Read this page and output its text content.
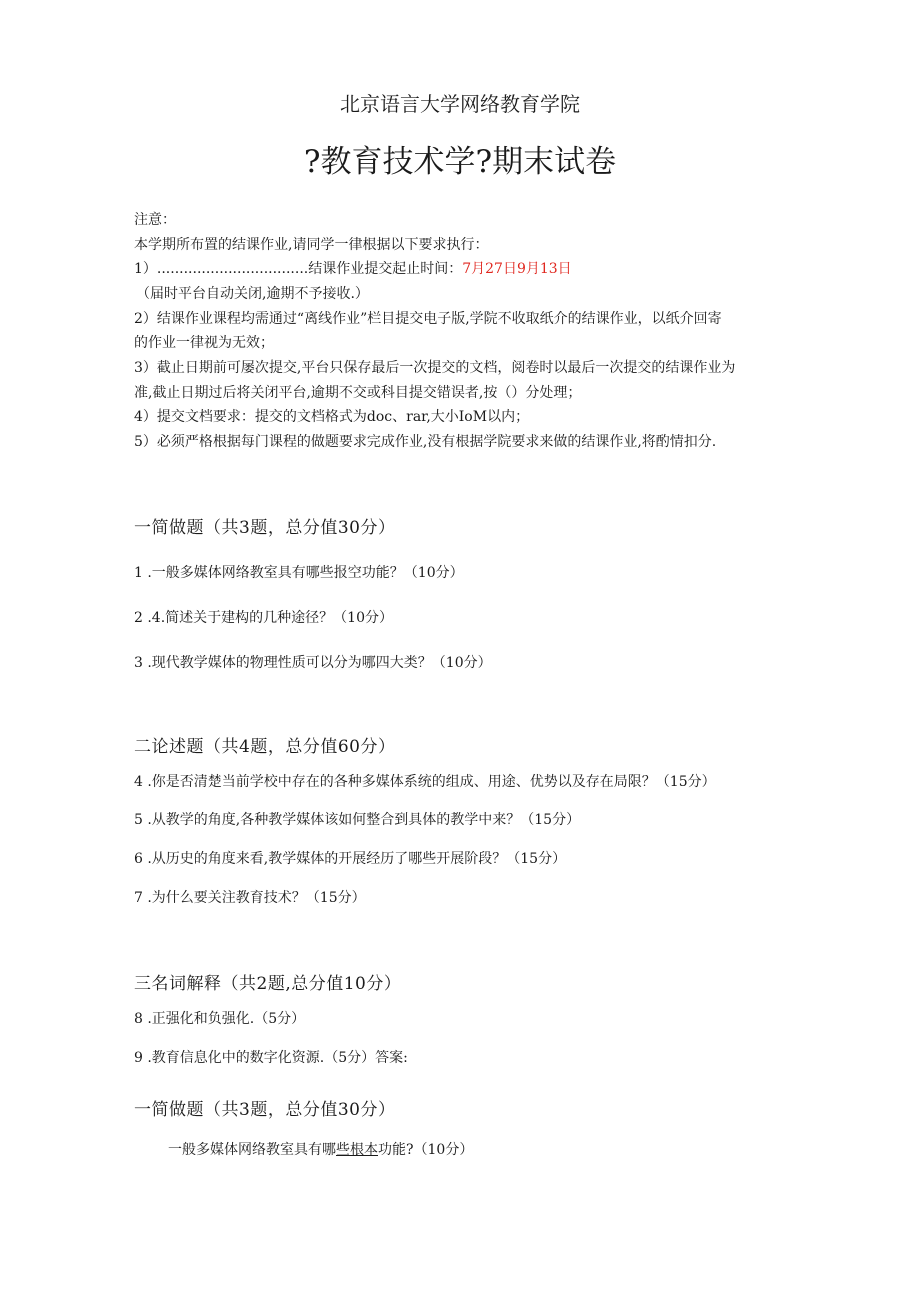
北京语言大学网络教育学院
?教育技术学?期末试卷
注意：
本学期所布置的结课作业,请同学一律根据以下要求执行：
1）..................................结课作业提交起止时间：7月27日9月13日
（届时平台自动关闭,逾期不予接收.）
2）结课作业课程均需通过“离线作业”栏目提交电子版,学院不收取纸介的结课作业，以纸介回寄
的作业一律视为无效；
3）截止日期前可屡次提交,平台只保存最后一次提交的文档，阅卷时以最后一次提交的结课作业为
准,截止日期过后将关闭平台,逾期不交或科目提交错误者,按（）分处理；
4）提交文档要求：提交的文档格式为doc、rar,大小IoM以内；
5）必须严格根据每门课程的做题要求完成作业,没有根据学院要求来做的结课作业,将酌情扣分.
一简做题（共3题，总分值30分）
1 .一般多媒体网络教室具有哪些报空功能？（10分）
2 .4.简述关于建构的几种途径？（10分）
3 .现代教学媒体的物理性质可以分为哪四大类？（10分）
二论述题（共4题，总分值60分）
4 .你是否清楚当前学校中存在的各种多媒体系统的组成、用途、优势以及存在局限？（15分）
5 .从教学的角度,各种教学媒体该如何整合到具体的教学中来？（15分）
6 .从历史的角度来看,教学媒体的开展经历了哪些开展阶段？（15分）
7 .为什么要关注教育技术？（15分）
三名词解释（共2题,总分值10分）
8 .正强化和负强化.（5分）
9 .教育信息化中的数字化资源.（5分）答案:
一简做题（共3题，总分值30分）
一般多媒体网络教室具有哪些根本功能?（10分）
